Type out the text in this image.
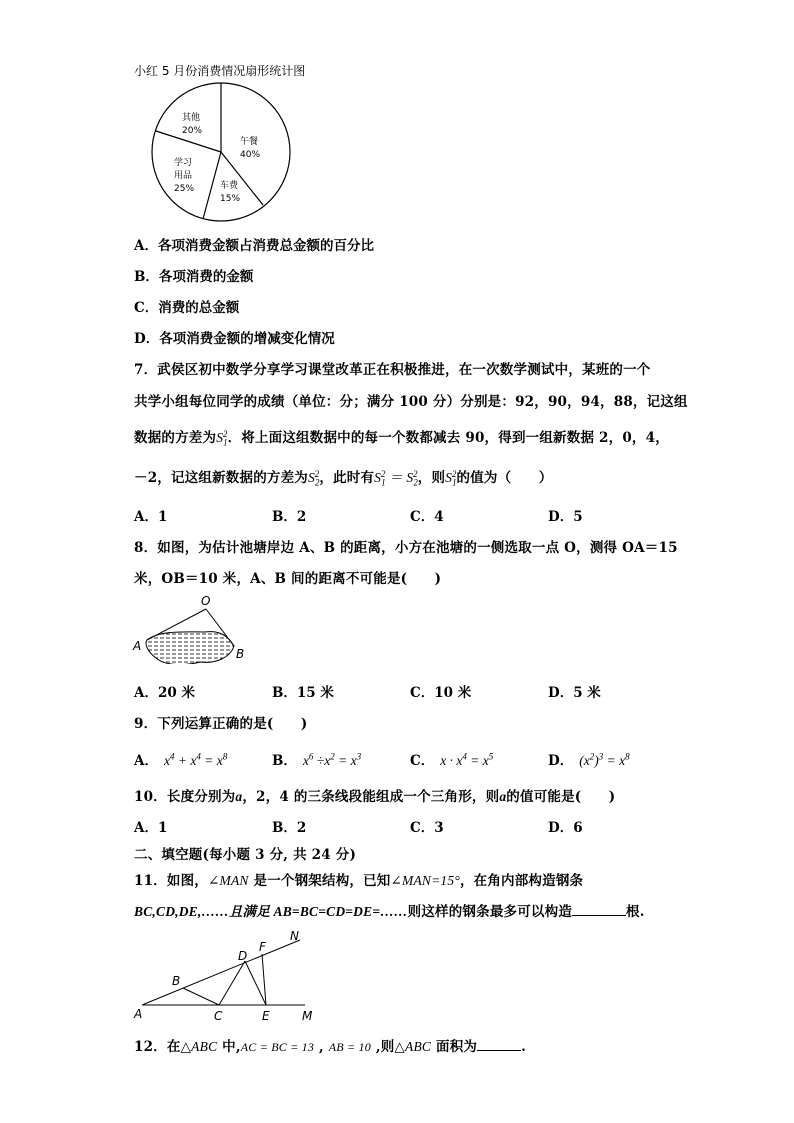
小红 5 月份消费情况扇形统计图
其他
20%
午餐
40%
车费
15%
学习
用品
25%
A．各项消费金额占消费总金额的百分比
B．各项消费的金额
C．消费的总金额
D．各项消费金额的增减变化情况
7．武侯区初中数学分享学习课堂改革正在积极推进，在一次数学测试中，某班的一个
共学小组每位同学的成绩（单位：分；满分 100 分）分别是：92，90，94，88，记这组
数据的方差为$S_1^2$．将上面这组数据中的每一个数都减去 90，得到一组新数据 2，0，4，
－2，记这组新数据的方差为$S_2^2$，此时有$S_1^2 = S_2^2$，则$S_1^2$的值为（　　）
A．1	B．2	C．4	D．5
8．如图，为估计池塘岸边 A、B 的距离，小方在池塘的一侧选取一点 O，测得 OA＝15
米，OB＝10 米，A、B 间的距离不可能是(　　)
O
A
B
A．20 米	B．15 米	C．10 米	D．5 米
9．下列运算正确的是(　　)
A． $x^4 + x^4 = x^8$	B． $x^6 \div x^2 = x^3$	C． $x \cdot x^4 = x^5$	D． $(x^2)^3 = x^8$
10．长度分别为a，2，4 的三条线段能组成一个三角形，则a的值可能是(　　)
A．1	B．2	C．3	D．6
二、填空题(每小题 3 分, 共 24 分)
11．如图，∠MAN 是一个钢架结构，已知∠MAN=15°，在角内部构造钢条
BC,CD,DE,……且满足 AB=BC=CD=DE=……则这样的钢条最多可以构造	根.
A
B
C
D
E
F
M
N
12．在△ABC 中,AC = BC = 13 , AB = 10 ,则△ABC 面积为	.
